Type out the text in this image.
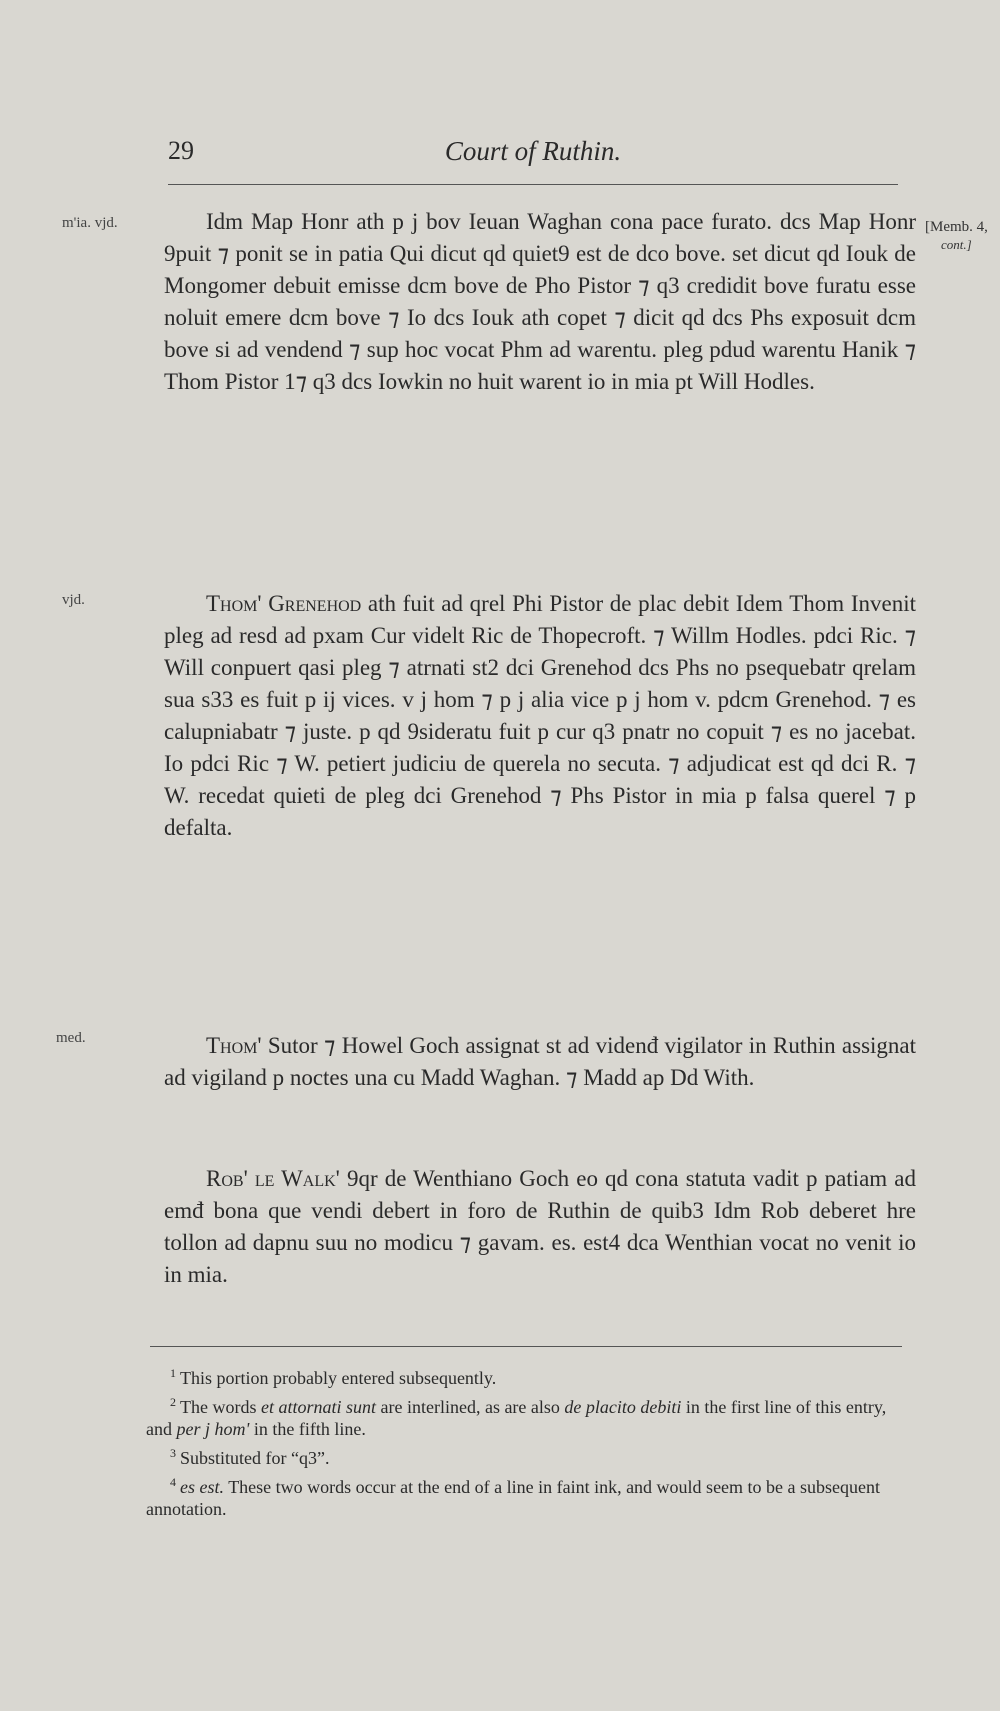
29	Court of Ruthin.
[Memb. 4,
cont.]
m'ia. vjd.	Idm Map Honr ath p j bov Ieuan Waghan cona pace furato. dcs Map Honr 9puit ⁊ ponit se in patia Qui dicut qd quiet9 est de dco bove. set dicut qd Iouk de Mongomer debuit emisse dcm bove de Pho Pistor ⁊ q3 credidit bove furatu esse noluit emere dcm bove ⁊ Io dcs Iouk ath copet ⁊ dicit qd dcs Phs exposuit dcm bove si ad vendend ⁊ sup hoc vocat Phm ad warentu. pleg pdud warentu Hanik ⁊ Thom Pistor 1⁊ q3 dcs Iowkin no huit warent io in mia pt Will Hodles.

vjd.	Thom' Grenehod ath fuit ad qrel Phi Pistor de plac debit Idem Thom Invenit pleg ad resd ad pxam Cur videlt Ric de Thopecroft. ⁊ Willm Hodles. pdci Ric. ⁊ Will conpuert qasi pleg ⁊ atrnati st2 dci Grenehod dcs Phs no psequebatr qrelam sua s33 es fuit p ij vices. v j hom ⁊ p j alia vice p j hom v. pdcm Grenehod. ⁊ es calupniabatr ⁊ juste. p qd 9sideratu fuit p cur q3 pnatr no copuit ⁊ es no jacebat. Io pdci Ric ⁊ W. petiert judiciu de querela no secuta. ⁊ adjudicat est qd dci R. ⁊ W. recedat quieti de pleg dci Grenehod ⁊ Phs Pistor in mia p falsa querel ⁊ p defalta.

med.	Thom' Sutor ⁊ Howel Goch assignat st ad videnđ vigilator in Ruthin assignat ad vigiland p noctes una cu Madd Waghan. ⁊ Madd ap Dd With.

Rob' le Walk' 9qr de Wenthiano Goch eo qd cona statuta vadit p patiam ad emđ bona que vendi debert in foro de Ruthin de quib3 Idm Rob deberet hre tollon ad dapnu suu no modicu ⁊ gavam. es. est4 dca Wenthian vocat no venit io in mia.

$^1$ This portion probably entered subsequently.

$^2$ The words et attornati sunt are interlined, as are also de placito debiti in the first line of this entry, and per j hom' in the fifth line.

$^3$ Substituted for “q3”.

$^4$ es est. These two words occur at the end of a line in faint ink, and would seem to be a subsequent annotation.
